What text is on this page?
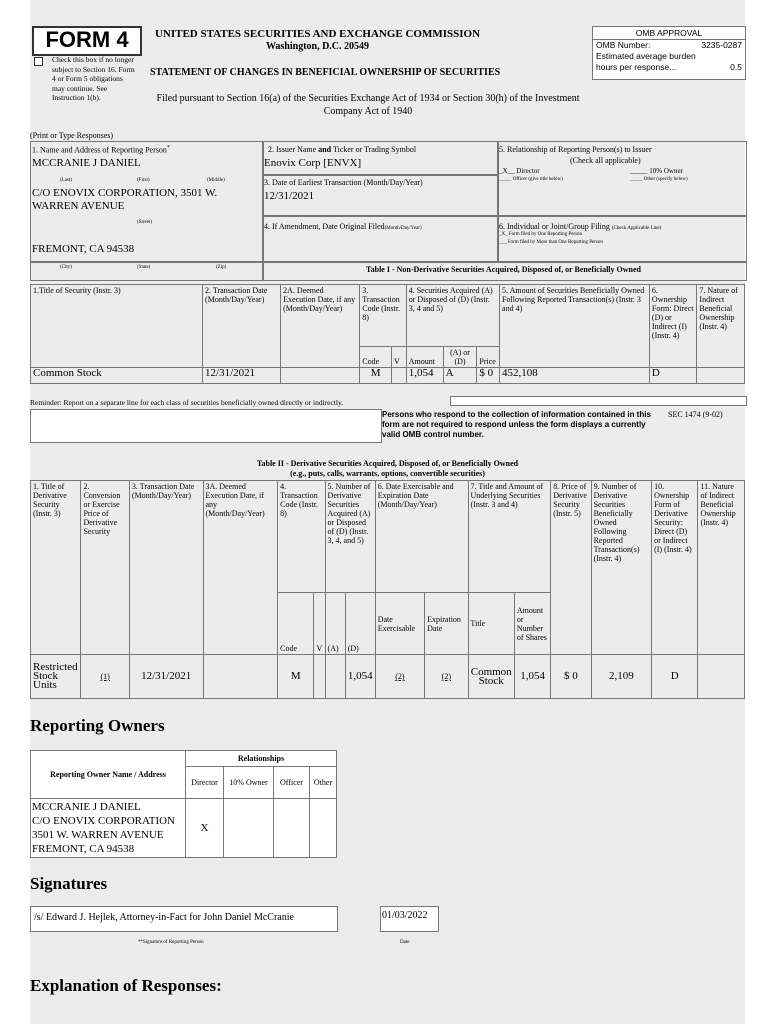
FORM 4
Check this box if no longer subject to Section 16. Form 4 or Form 5 obligations may continue. See Instruction 1(b).
UNITED STATES SECURITIES AND EXCHANGE COMMISSION
Washington, D.C. 20549
STATEMENT OF CHANGES IN BENEFICIAL OWNERSHIP OF SECURITIES
Filed pursuant to Section 16(a) of the Securities Exchange Act of 1934 or Section 30(h) of the Investment Company Act of 1940
OMB APPROVAL
OMB Number:	3235-0287
Estimated average burden
hours per response...	0.5
(Print or Type Responses)
1. Name and Address of Reporting Person*
MCCRANIE J DANIEL
(Last)	(First)	(Middle)
C/O ENOVIX CORPORATION, 3501 W. WARREN AVENUE
(Street)
FREMONT, CA 94538
(City)	(State)	(Zip)
2. Issuer Name and Ticker or Trading Symbol
Enovix Corp [ENVX]
3. Date of Earliest Transaction (Month/Day/Year)
12/31/2021
4. If Amendment, Date Original Filed(Month/Day/Year)
5. Relationship of Reporting Person(s) to Issuer
(Check all applicable)
_X__ Director	_____ 10% Owner
_____ Officer (give title below)	_____ Other (specify below)
6. Individual or Joint/Group Filing (Check Applicable Line)
_X_ Form filed by One Reporting Person
___ Form filed by More than One Reporting Person
Table I - Non-Derivative Securities Acquired, Disposed of, or Beneficially Owned
1.Title of Security (Instr. 3)	2. Transaction Date (Month/Day/Year)	2A. Deemed Execution Date, if any (Month/Day/Year)	3. Transaction Code (Instr. 8)		4. Securities Acquired (A) or Disposed of (D) (Instr. 3, 4 and 5)			5. Amount of Securities Beneficially Owned Following Reported Transaction(s) (Instr. 3 and 4)	6. Ownership Form: Direct (D) or Indirect (I) (Instr. 4)	7. Nature of Indirect Beneficial Ownership (Instr. 4)
			Code	V	Amount	(A) or (D)	Price			
Common Stock	12/31/2021		M		1,054	A	$ 0	452,108	D	
Reminder: Report on a separate line for each class of securities beneficially owned directly or indirectly.
Persons who respond to the collection of information contained in this form are not required to respond unless the form displays a currently valid OMB control number.
SEC 1474 (9-02)
Table II - Derivative Securities Acquired, Disposed of, or Beneficially Owned
(e.g., puts, calls, warrants, options, convertible securities)
1. Title of Derivative Security (Instr. 3)	2. Conversion or Exercise Price of Derivative Security	3. Transaction Date (Month/Day/Year)	3A. Deemed Execution Date, if any (Month/Day/Year)	4. Transaction Code (Instr. 8)		5. Number of Derivative Securities Acquired (A) or Disposed of (D) (Instr. 3, 4, and 5)		6. Date Exercisable and Expiration Date (Month/Day/Year)		7. Title and Amount of Underlying Securities (Instr. 3 and 4)		8. Price of Derivative Security (Instr. 5)	9. Number of Derivative Securities Beneficially Owned Following Reported Transaction(s) (Instr. 4)	10. Ownership Form of Derivative Security: Direct (D) or Indirect (I) (Instr. 4)	11. Nature of Indirect Beneficial Ownership (Instr. 4)
				Code	V	(A)	(D)	Date Exercisable	Expiration Date	Title	Amount or Number of Shares				
Restricted Stock Units	(1)	12/31/2021		M			1,054	(2)	(2)	Common Stock	1,054	$ 0	2,109	D	
Reporting Owners
Reporting Owner Name / Address	Relationships			
	Director	10% Owner	Officer	Other

MCCRANIE J DANIEL
C/O ENOVIX CORPORATION
3501 W. WARREN AVENUE
FREMONT, CA 94538	X			
Signatures
/s/ Edward J. Hejlek, Attorney-in-Fact for John Daniel McCranie	01/03/2022
**Signature of Reporting Person	Date
Explanation of Responses:
